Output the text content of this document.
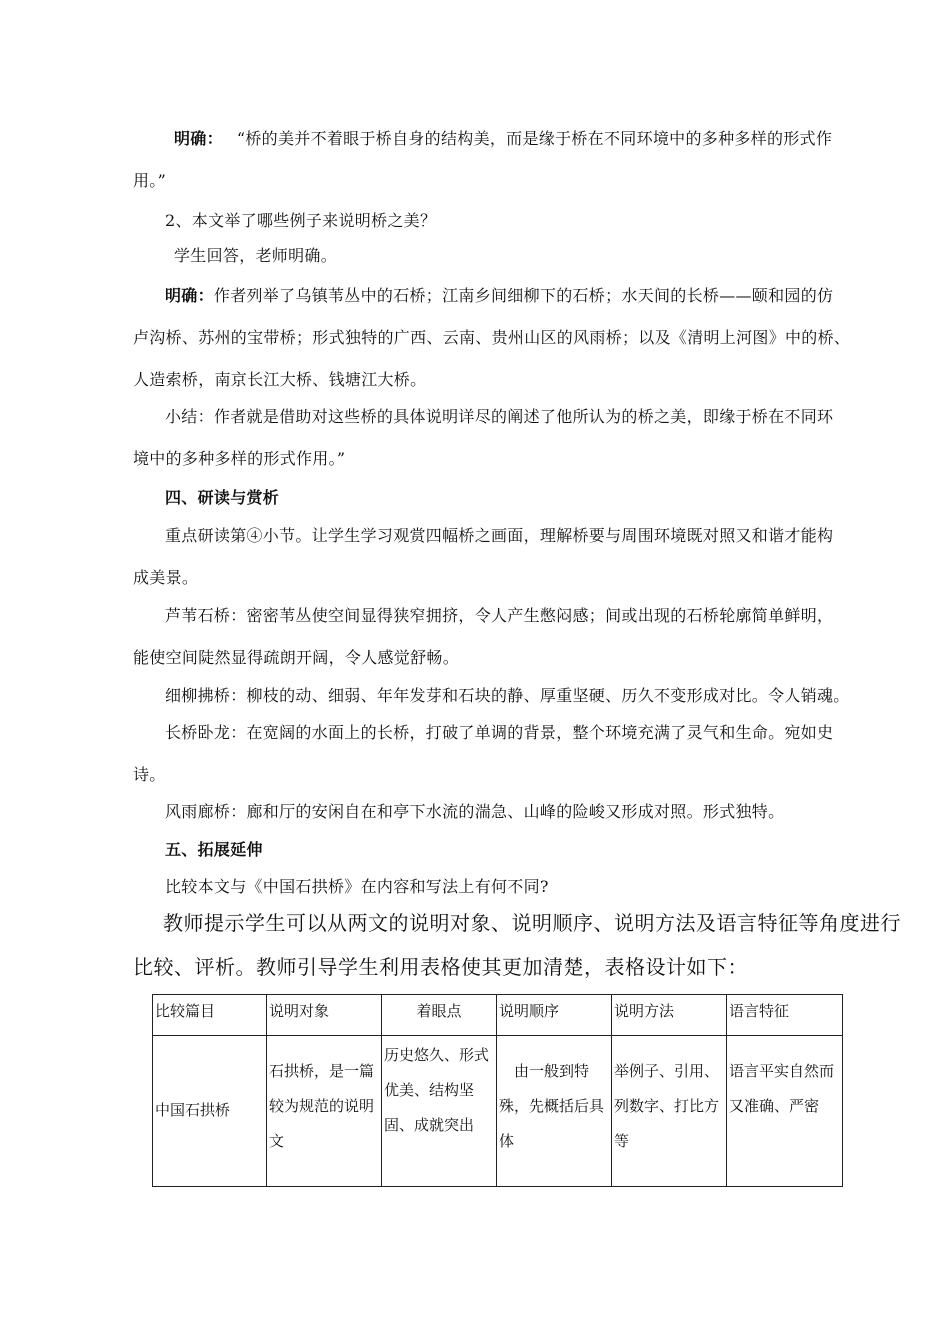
明确： “桥的美并不着眼于桥自身的结构美，而是缘于桥在不同环境中的多种多样的形式作
用。”
2、本文举了哪些例子来说明桥之美？
学生回答，老师明确。
明确：作者列举了乌镇苇丛中的石桥；江南乡间细柳下的石桥；水天间的长桥——颐和园的仿
卢沟桥、苏州的宝带桥；形式独特的广西、云南、贵州山区的风雨桥；以及《清明上河图》中的桥、
人造索桥，南京长江大桥、钱塘江大桥。
小结：作者就是借助对这些桥的具体说明详尽的阐述了他所认为的桥之美，即缘于桥在不同环
境中的多种多样的形式作用。”
四、研读与赏析
重点研读第④小节。让学生学习观赏四幅桥之画面，理解桥要与周围环境既对照又和谐才能构
成美景。
芦苇石桥：密密苇丛使空间显得狭窄拥挤，令人产生憋闷感；间或出现的石桥轮廓简单鲜明，
能使空间陡然显得疏朗开阔，令人感觉舒畅。
细柳拂桥：柳枝的动、细弱、年年发芽和石块的静、厚重坚硬、历久不变形成对比。令人销魂。
长桥卧龙：在宽阔的水面上的长桥，打破了单调的背景，整个环境充满了灵气和生命。宛如史
诗。
风雨廊桥：廊和厅的安闲自在和亭下水流的湍急、山峰的险峻又形成对照。形式独特。
五、拓展延伸
比较本文与《中国石拱桥》在内容和写法上有何不同?
教师提示学生可以从两文的说明对象、说明顺序、说明方法及语言特征等角度进行
比较、评析。教师引导学生利用表格使其更加清楚，表格设计如下：
比较篇目	说明对象	着眼点	说明顺序	说明方法	语言特征
中国石拱桥	石拱桥，是一篇较为规范的说明文	历史悠久、形式优美、结构坚固、成就突出	由一般到特殊，先概括后具体	举例子、引用、列数字、打比方等	语言平实自然而又准确、严密
